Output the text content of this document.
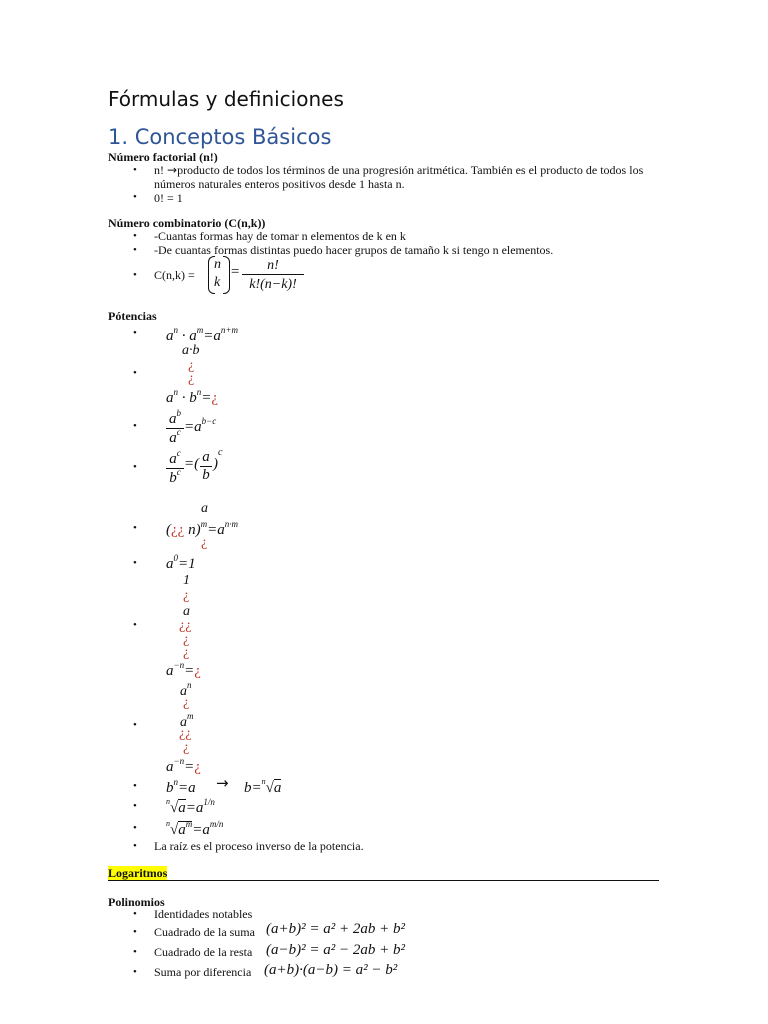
Fórmulas y definiciones
1. Conceptos Básicos
Número factorial (n!)
• n! →producto de todos los términos de una progresión aritmética. También es el producto de todos los
números naturales enteros positivos desde 1 hasta n.
• 0! = 1
Número combinatorio (C(n,k))
• -Cuantas formas hay de tomar n elementos de k en k
• -De cuantas formas distintas puedo hacer grupos de tamaño k si tengo n elementos.
• C(n,k) =
n
k
=	n!
k!(n−k)!
Pótencias
• $a^n \cdot a^m=a^{n+m}$
a·b
¿
•	¿
$a^n$ · $b^n=¿$
• $a^b$
$a^c =a^{b-c}$
• $a^c$
$b^c$ =( a
b
)
c
a
• (¿¿ $n)^m=a^{n\cdot m}$
¿
• $a^0=1$
1
¿
a
•	¿¿
¿
¿
$a^{-n}=¿$
$a^n$
¿
$a^m$
•
¿¿
¿
$a^{-n}=¿$
• $b^n=a \to b=^n√a$
•	$^n√a=a^{1/n}$
•	$^n√a^m=a^{m/n}$
• La raíz es el proceso inverso de la potencia.
Logaritmos
Polinomios
• Identidades notables
• Cuadrado de la suma (a+b)² = a² + 2ab + b²
• Cuadrado de la resta (a−b)² = a² − 2ab + b²
• Suma por diferencia (a+b)·(a−b) = a² − b²
